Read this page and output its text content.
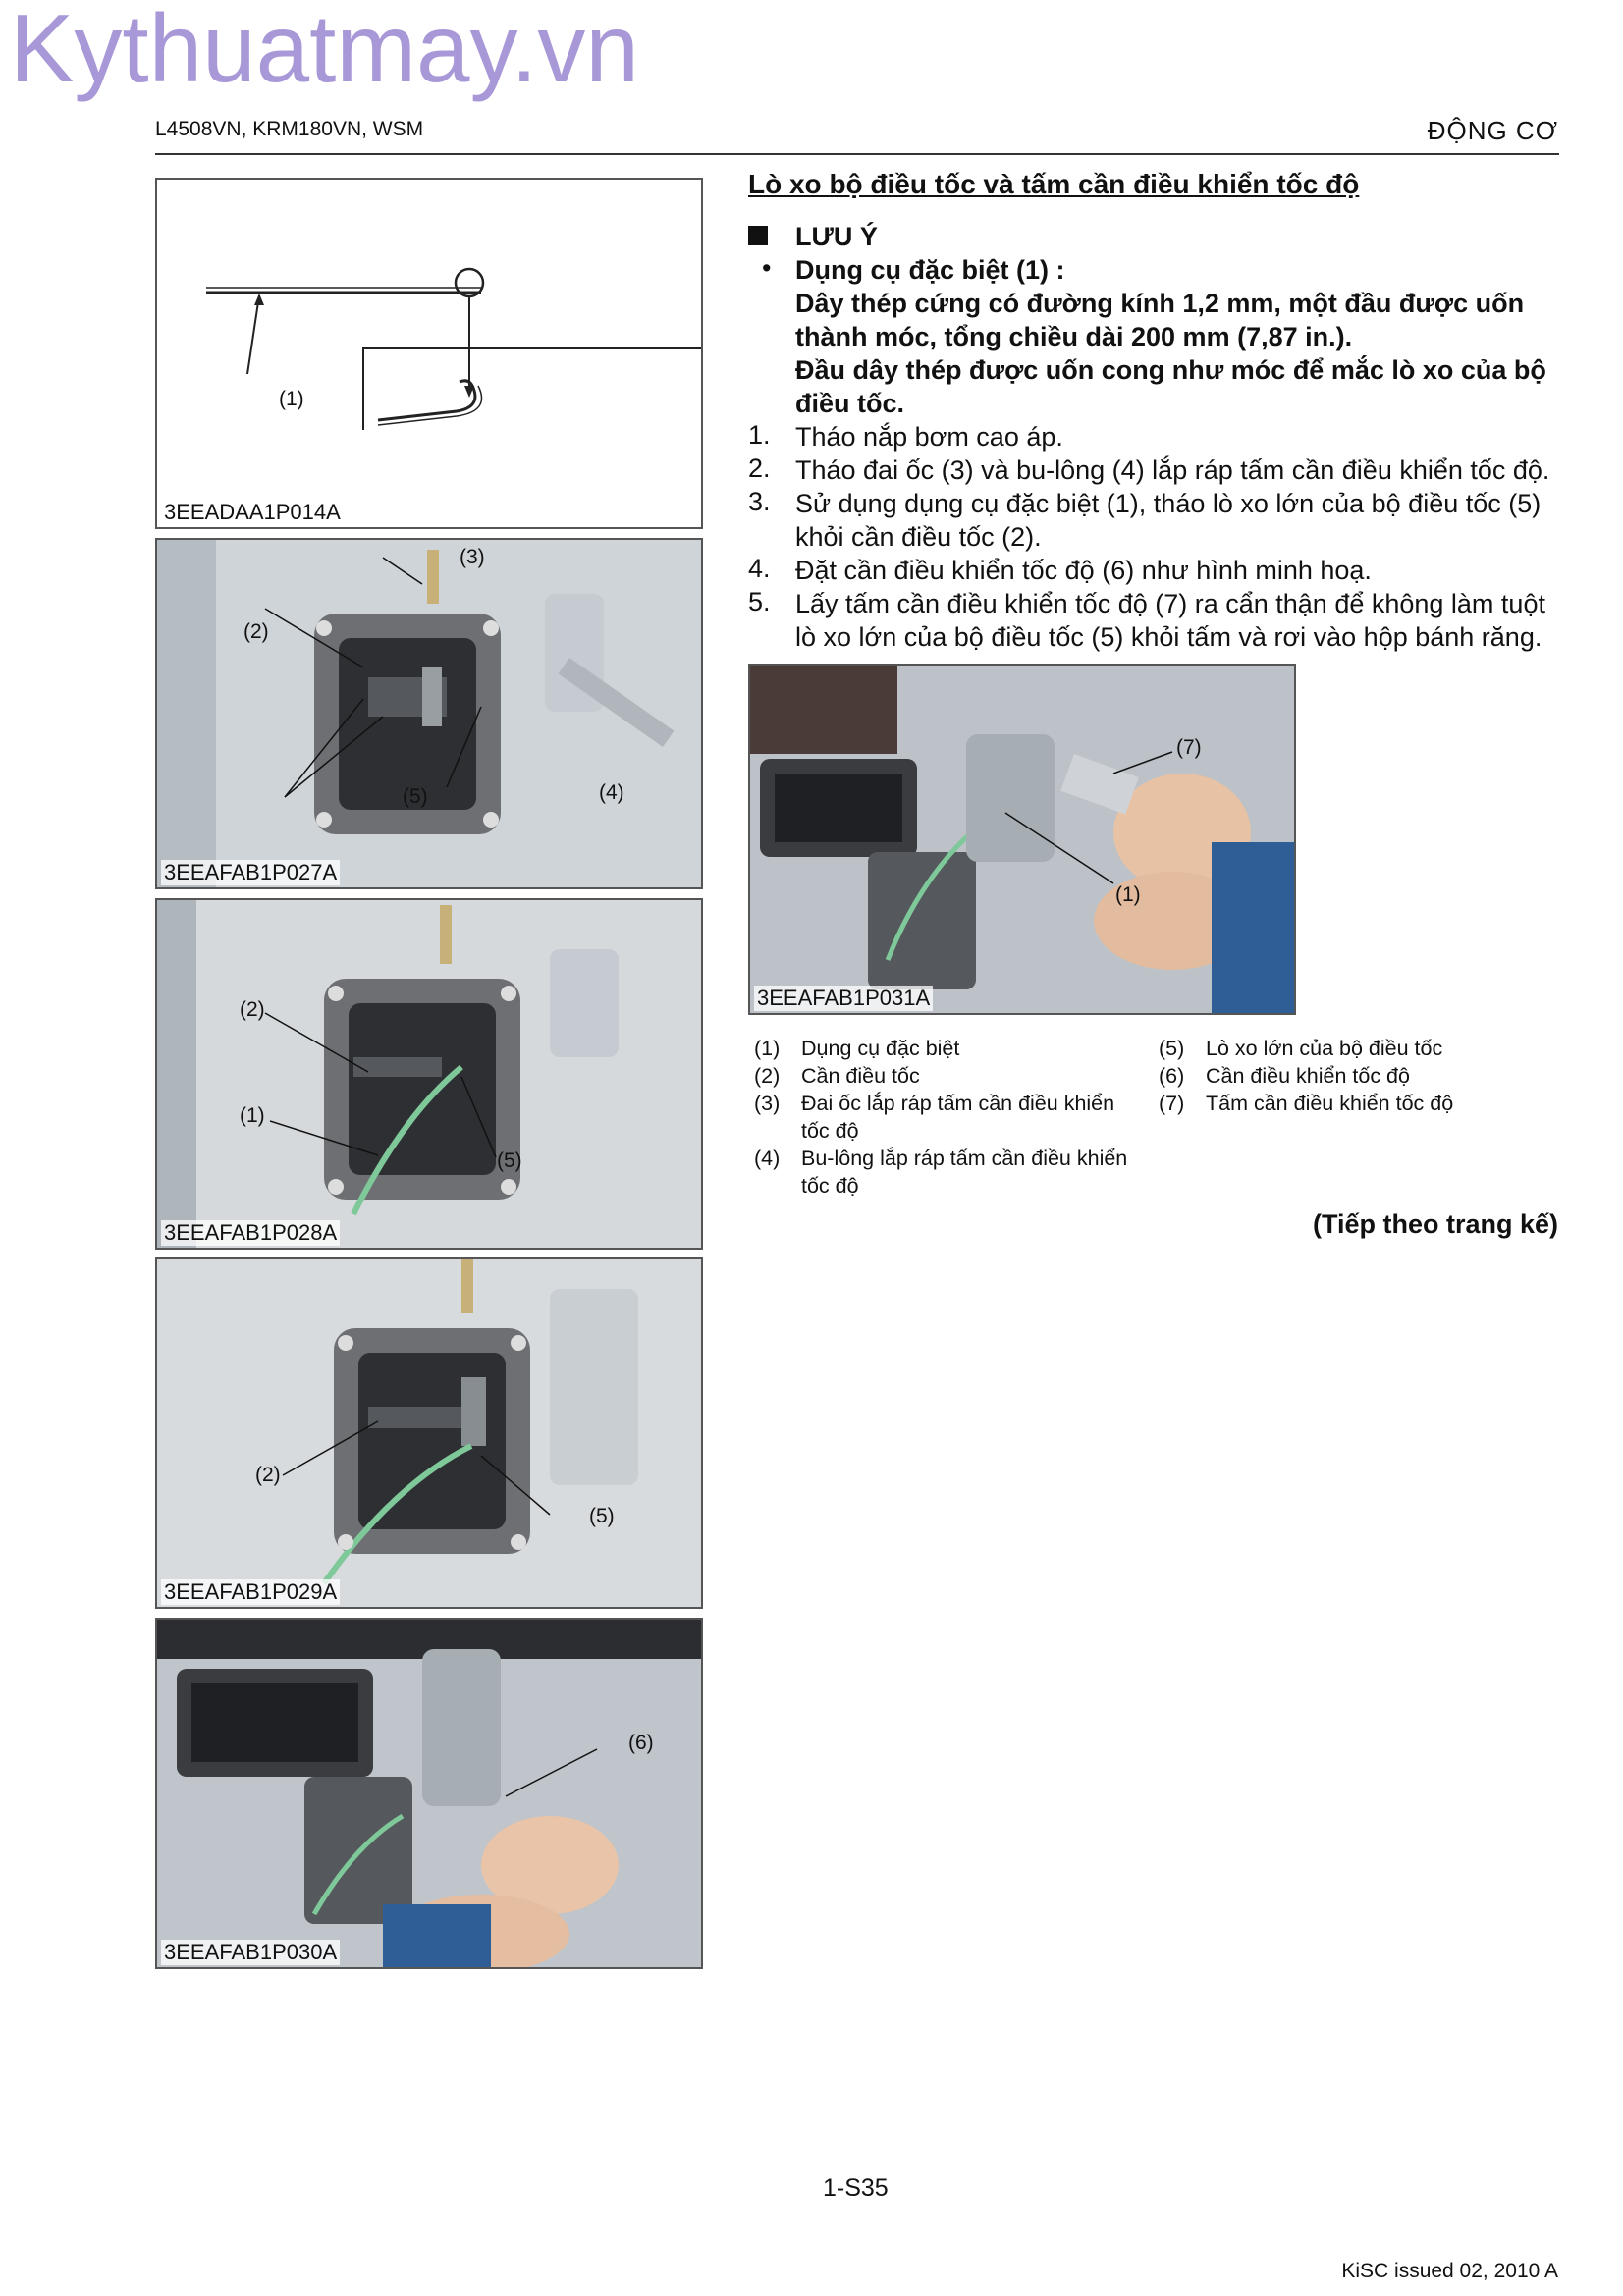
Kythuatmay.vn
L4508VN, KRM180VN, WSM	ĐỘNG CƠ
(1)
3EEADAA1P014A
(3)
(2)
(5)	(4)
3EEAFAB1P027A
(2)
(1)
(5)
3EEAFAB1P028A
(2)
(5)
3EEAFAB1P029A
(6)
3EEAFAB1P030A
Lò xo bộ điều tốc và tấm cần điều khiển tốc độ
LƯU Ý
• Dụng cụ đặc biệt (1) :
Dây thép cứng có đường kính 1,2 mm, một đầu được uốn
thành móc, tổng chiều dài 200 mm (7,87 in.).
Đầu dây thép được uốn cong như móc để mắc lò xo của bộ
điều tốc.
1. Tháo nắp bơm cao áp.
2. Tháo đai ốc (3) và bu-lông (4) lắp ráp tấm cần điều khiển tốc độ.
3. Sử dụng dụng cụ đặc biệt (1), tháo lò xo lớn của bộ điều tốc (5)
khỏi cần điều tốc (2).
4. Đặt cần điều khiển tốc độ (6) như hình minh hoạ.
5. Lấy tấm cần điều khiển tốc độ (7) ra cẩn thận để không làm tuột
lò xo lớn của bộ điều tốc (5) khỏi tấm và rơi vào hộp bánh răng.
(7)
(1)
3EEAFAB1P031A
(1) Dụng cụ đặc biệt
(2) Cần điều tốc
(3) Đai ốc lắp ráp tấm cần điều khiển tốc độ
(4) Bu-lông lắp ráp tấm cần điều khiển tốc độ
(5) Lò xo lớn của bộ điều tốc
(6) Cần điều khiển tốc độ
(7) Tấm cần điều khiển tốc độ
(Tiếp theo trang kế)
1-S35
KiSC issued 02, 2010 A
